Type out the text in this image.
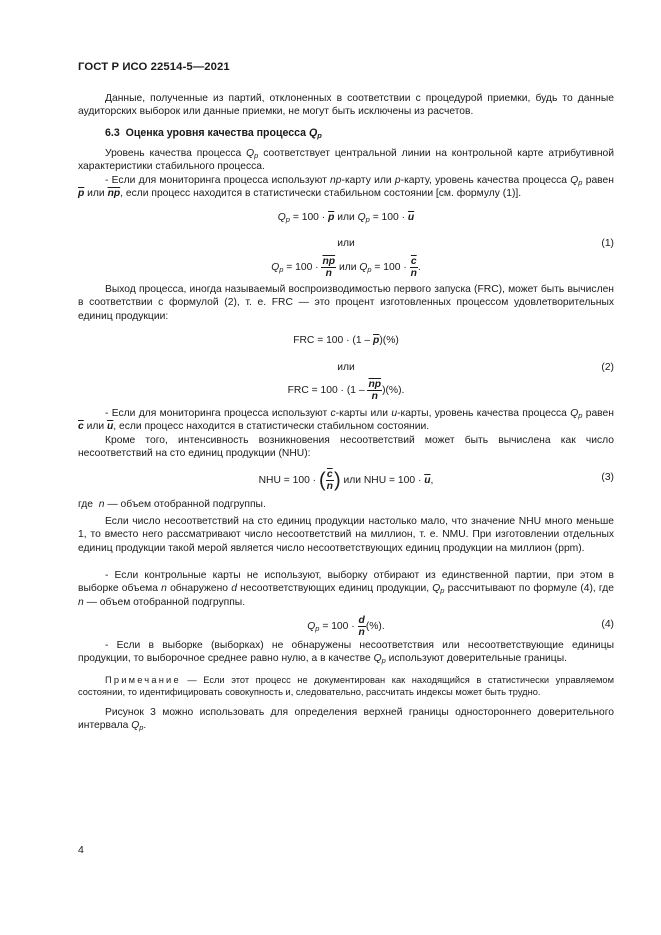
ГОСТ Р ИСО 22514-5—2021
Данные, полученные из партий, отклоненных в соответствии с процедурой приемки, будь то данные аудиторских выборок или данные приемки, не могут быть исключены из расчетов.
6.3 Оценка уровня качества процесса $Q_p$
Уровень качества процесса $Q_p$ соответствует центральной линии на контрольной карте атрибутивной характеристики стабильного процесса.
- Если для мониторинга процесса используют np-карту или p-карту, уровень качества процесса $Q_p$ равен $\overline{p}$ или $\overline{np}$, если процесс находится в статистически стабильном состоянии [см. формулу (1)].
$Q_p = 100 \cdot \overline{p}$ или $Q_p = 100 \cdot \overline{u}$
или	(1)
$Q_p = 100 \cdot \frac{\overline{np}}{n}$ или $Q_p = 100 \cdot \frac{\overline{c}}{n}$ .
Выход процесса, иногда называемый воспроизводимостью первого запуска (FRC), может быть вычислен в соответствии с формулой (2), т. е. FRC — это процент изготовленных процессом удовлетворительных единиц продукции:
FRC = $100 \cdot (1 - \overline{p})(\%)$
или	(2)
FRC = $100 \cdot (1 - \frac{\overline{np}}{n}$ )(%).
- Если для мониторинга процесса используют c-карты или u-карты, уровень качества процесса $Q_p$ равен $\overline{c}$ или $\overline{u}$, если процесс находится в статистически стабильном состоянии.
Кроме того, интенсивность возникновения несоответствий может быть вычислена как число несоответствий на сто единиц продукции (NHU):
NHU = 100 · ( $\frac{\overline{c}}{n}$ ) или NHU = $100 \cdot \overline{u}$,	(3)
где n — объем отобранной подгруппы.
Если число несоответствий на сто единиц продукции настолько мало, что значение NHU много меньше 1, то вместо него рассматривают число несоответствий на миллион, т. е. NMU. При изготовлении отдельных единиц продукции такой мерой является число несоответствующих единиц продукции на миллион (ppm).
- Если контрольные карты не используют, выборку отбирают из единственной партии, при этом в выборке объема n обнаружено d несоответствующих единиц продукции, $Q_p$ рассчитывают по формуле (4), где n — объем отобранной подгруппы.
$Q_p = 100 \cdot \frac{d}{n}$ (%).	(4)
- Если в выборке (выборках) не обнаружены несоответствия или несоответствующие единицы продукции, то выборочное среднее равно нулю, а в качестве $Q_p$ используют доверительные границы.
Примечание — Если этот процесс не документирован как находящийся в статистически управляемом состоянии, то идентифицировать совокупность и, следовательно, рассчитать индексы может быть трудно.
Рисунок 3 можно использовать для определения верхней границы одностороннего доверительного интервала $Q_p$.
4
